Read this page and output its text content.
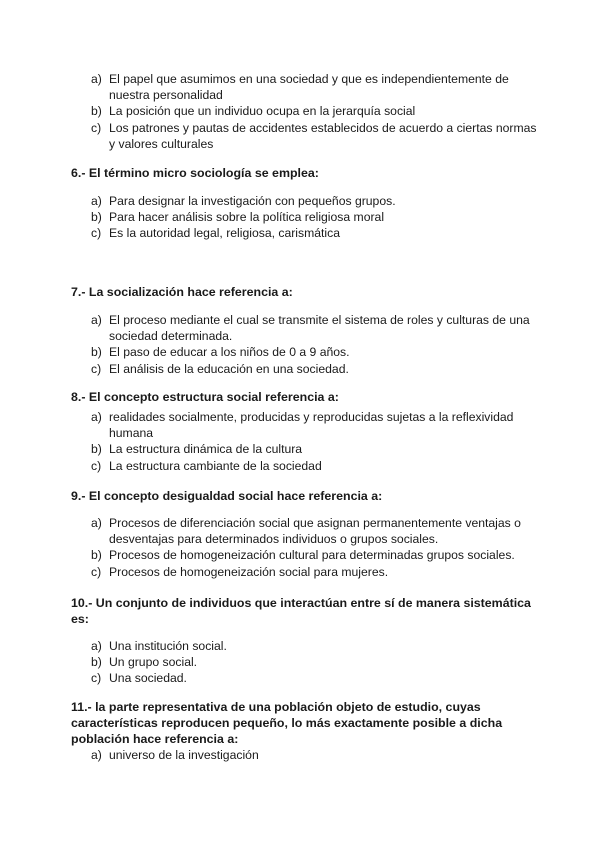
a) El papel que asumimos en una sociedad y que es independientemente de nuestra personalidad
b) La posición que un individuo ocupa en la jerarquía social
c) Los patrones y pautas de accidentes establecidos de acuerdo a ciertas normas y valores culturales

6.- El término micro sociología se emplea:

a) Para designar la investigación con pequeños grupos.
b) Para hacer análisis sobre la política religiosa moral
c) Es la autoridad legal, religiosa, carismática

7.- La socialización hace referencia a:

a) El proceso mediante el cual se transmite el sistema de roles y culturas de una sociedad determinada.
b) El paso de educar a los niños de 0 a 9 años.
c) El análisis de la educación en una sociedad.

8.- El concepto estructura social referencia a:

a) realidades socialmente, producidas y reproducidas sujetas a la reflexividad humana
b) La estructura dinámica de la cultura
c) La estructura cambiante de la sociedad

9.- El concepto desigualdad social hace referencia a:

a) Procesos de diferenciación social que asignan permanentemente ventajas o desventajas para determinados individuos o grupos sociales.
b) Procesos de homogeneización cultural para determinadas grupos sociales.
c) Procesos de homogeneización social para mujeres.

10.- Un conjunto de individuos que interactúan entre sí de manera sistemática es:

a) Una institución social.
b) Un grupo social.
c) Una sociedad.

11.- la parte representativa de una población objeto de estudio, cuyas características reproducen pequeño, lo más exactamente posible a dicha población hace referencia a:

a) universo de la investigación
